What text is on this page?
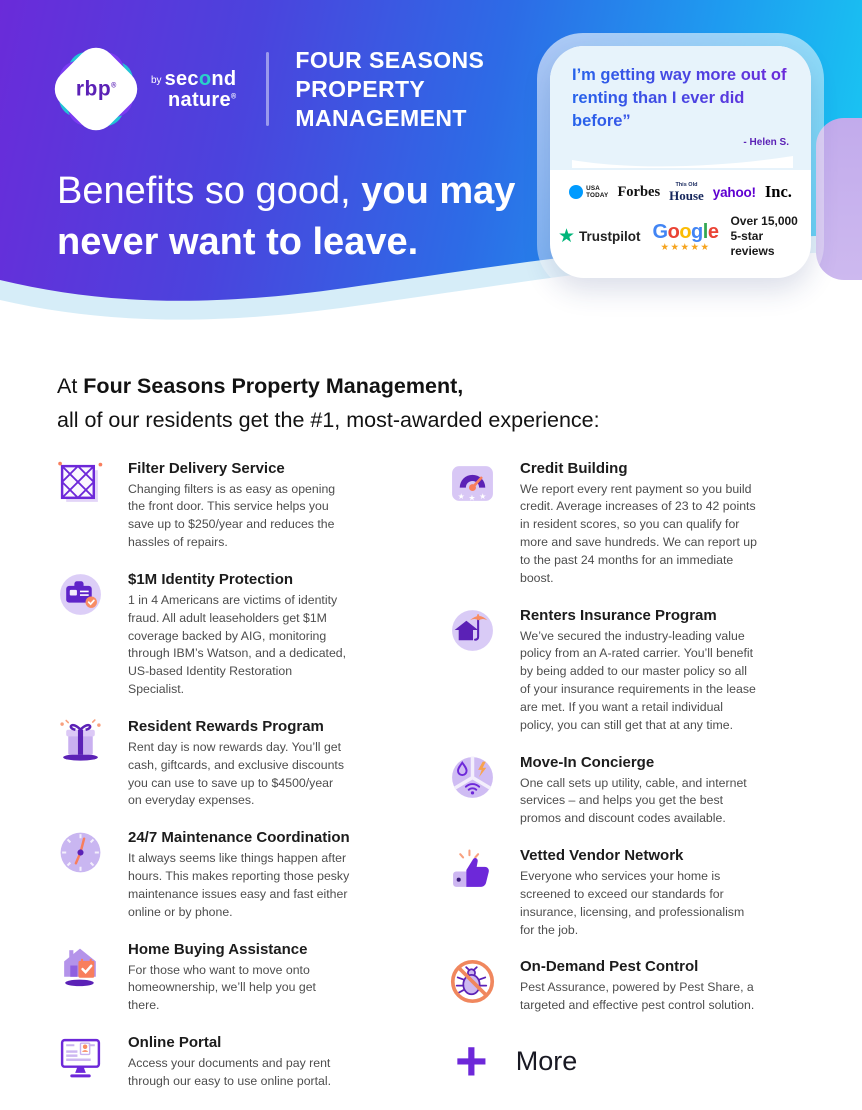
rbp®	by second
nature®
FOUR SEASONS
PROPERTY
MANAGEMENT
Benefits so good, you may
never want to leave.
I’m getting way more out of
renting than I ever did before”
- Helen S.
USA
TODAY Forbes	This Old
House yahoo! Inc.
★ Trustpilot Google
★★★★★
Over 15,000
5-star reviews
At Four Seasons Property Management,
all of our residents get the #1, most-awarded experience:
Filter Delivery Service
Changing filters is as easy as opening the front door. This service helps you save up to $250/year and reduces the hassles of repairs.
$1M Identity Protection
1 in 4 Americans are victims of identity fraud. All adult leaseholders get $1M coverage backed by AIG, monitoring through IBM’s Watson, and a dedicated, US-based Identity Restoration Specialist.
Resident Rewards Program
Rent day is now rewards day. You’ll get cash, giftcards, and exclusive discounts you can use to save up to $4500/year on everyday expenses.
24/7 Maintenance Coordination
It always seems like things happen after hours. This makes reporting those pesky maintenance issues easy and fast either online or by phone.
Home Buying Assistance
For those who want to move onto homeownership, we’ll help you get there.
Online Portal
Access your documents and pay rent through our easy to use online portal.
★ ★ ★
Credit Building
We report every rent payment so you build credit. Average increases of 23 to 42 points in resident scores, so you can qualify for more and save hundreds. We can report up to the past 24 months for an immediate boost.
Renters Insurance Program
We’ve secured the industry-leading value policy from an A-rated carrier. You’ll benefit by being added to our master policy so all of your insurance requirements in the lease are met. If you want a retail individual policy, you can still get that at any time.
Move-In Concierge
One call sets up utility, cable, and internet services – and helps you get the best promos and discount codes available.
Vetted Vendor Network
Everyone who services your home is screened to exceed our standards for insurance, licensing, and professionalism for the job.
On-Demand Pest Control
Pest Assurance, powered by Pest Share, a targeted and effective pest control solution.
+ More
